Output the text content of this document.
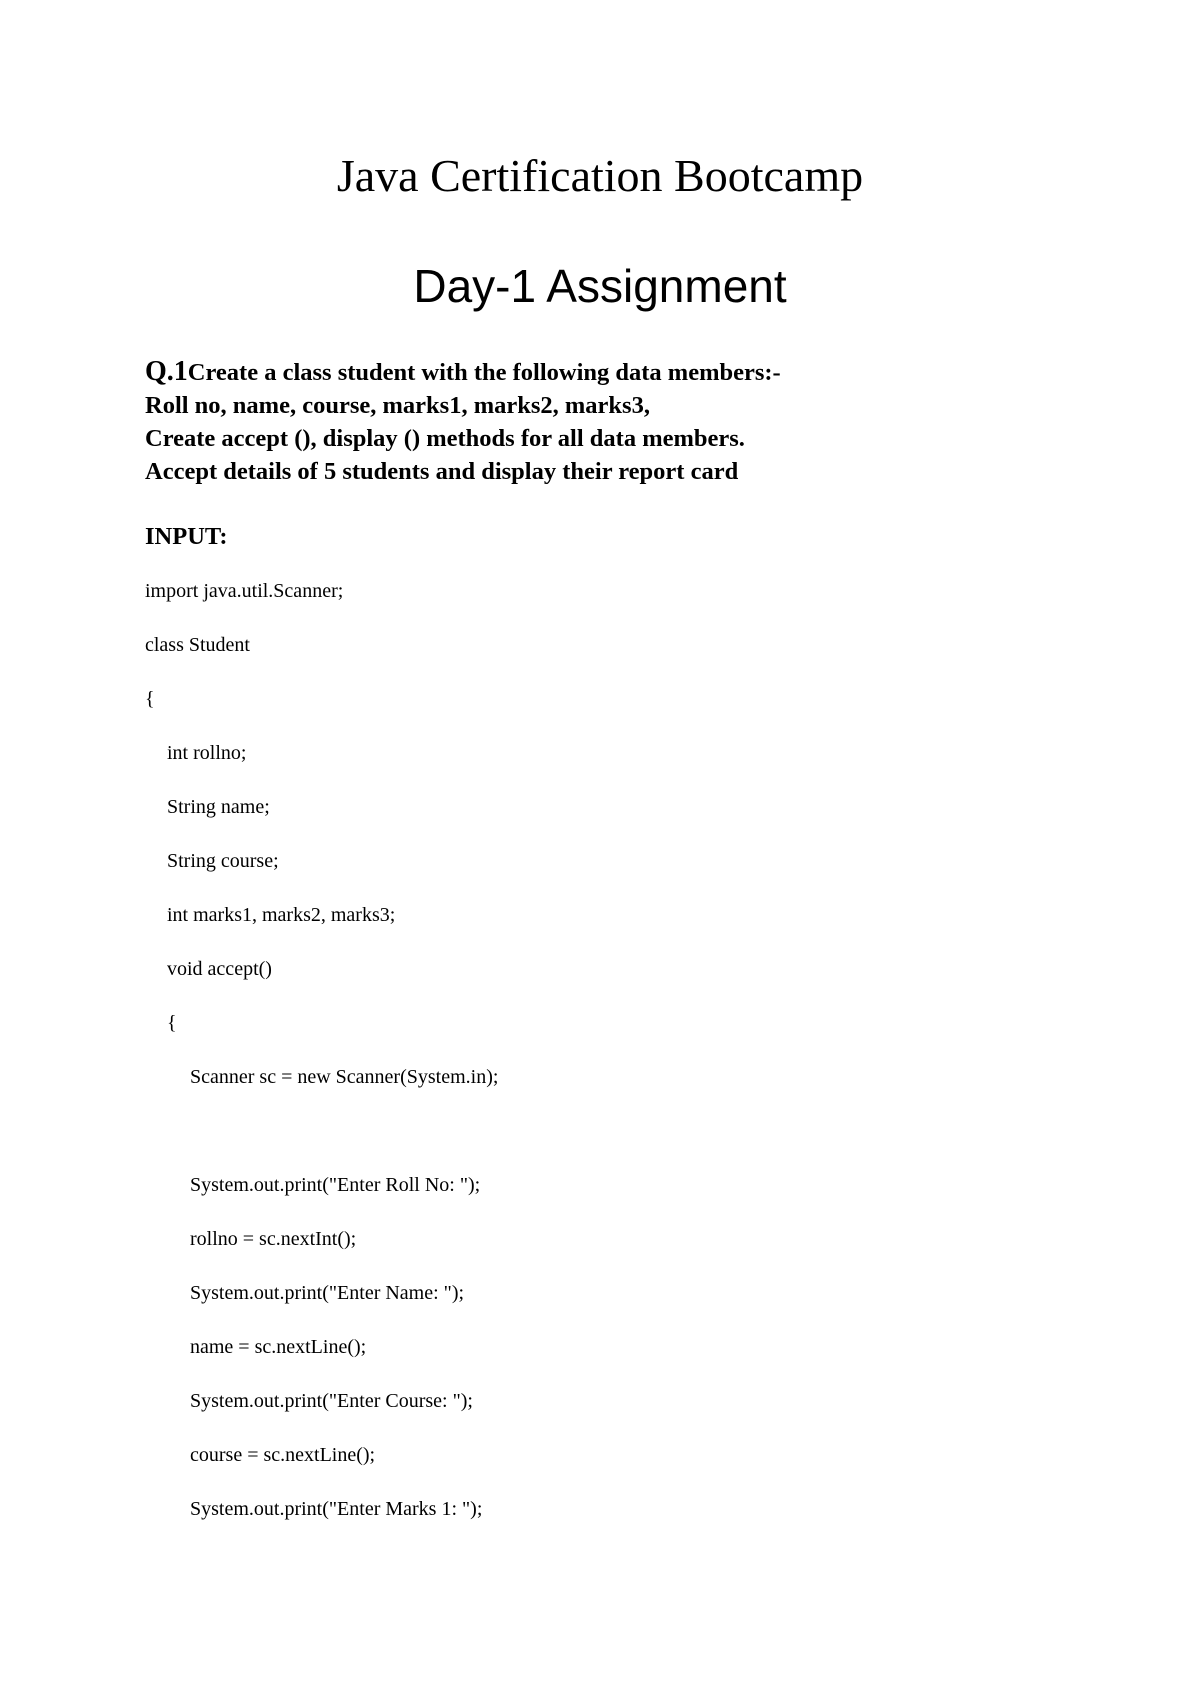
Java Certification Bootcamp
Day-1 Assignment
Q.1Create a class student with the following data members:-
Roll no, name, course, marks1, marks2, marks3,
Create accept (), display () methods for all data members.
Accept details of 5 students and display their report card
INPUT:

import java.util.Scanner;

class Student

{

int rollno;

String name;

String course;

int marks1, marks2, marks3;

void accept()

{

Scanner sc = new Scanner(System.in);

System.out.print("Enter Roll No: ");

rollno = sc.nextInt();

System.out.print("Enter Name: ");

name = sc.nextLine();

System.out.print("Enter Course: ");

course = sc.nextLine();

System.out.print("Enter Marks 1: ");
